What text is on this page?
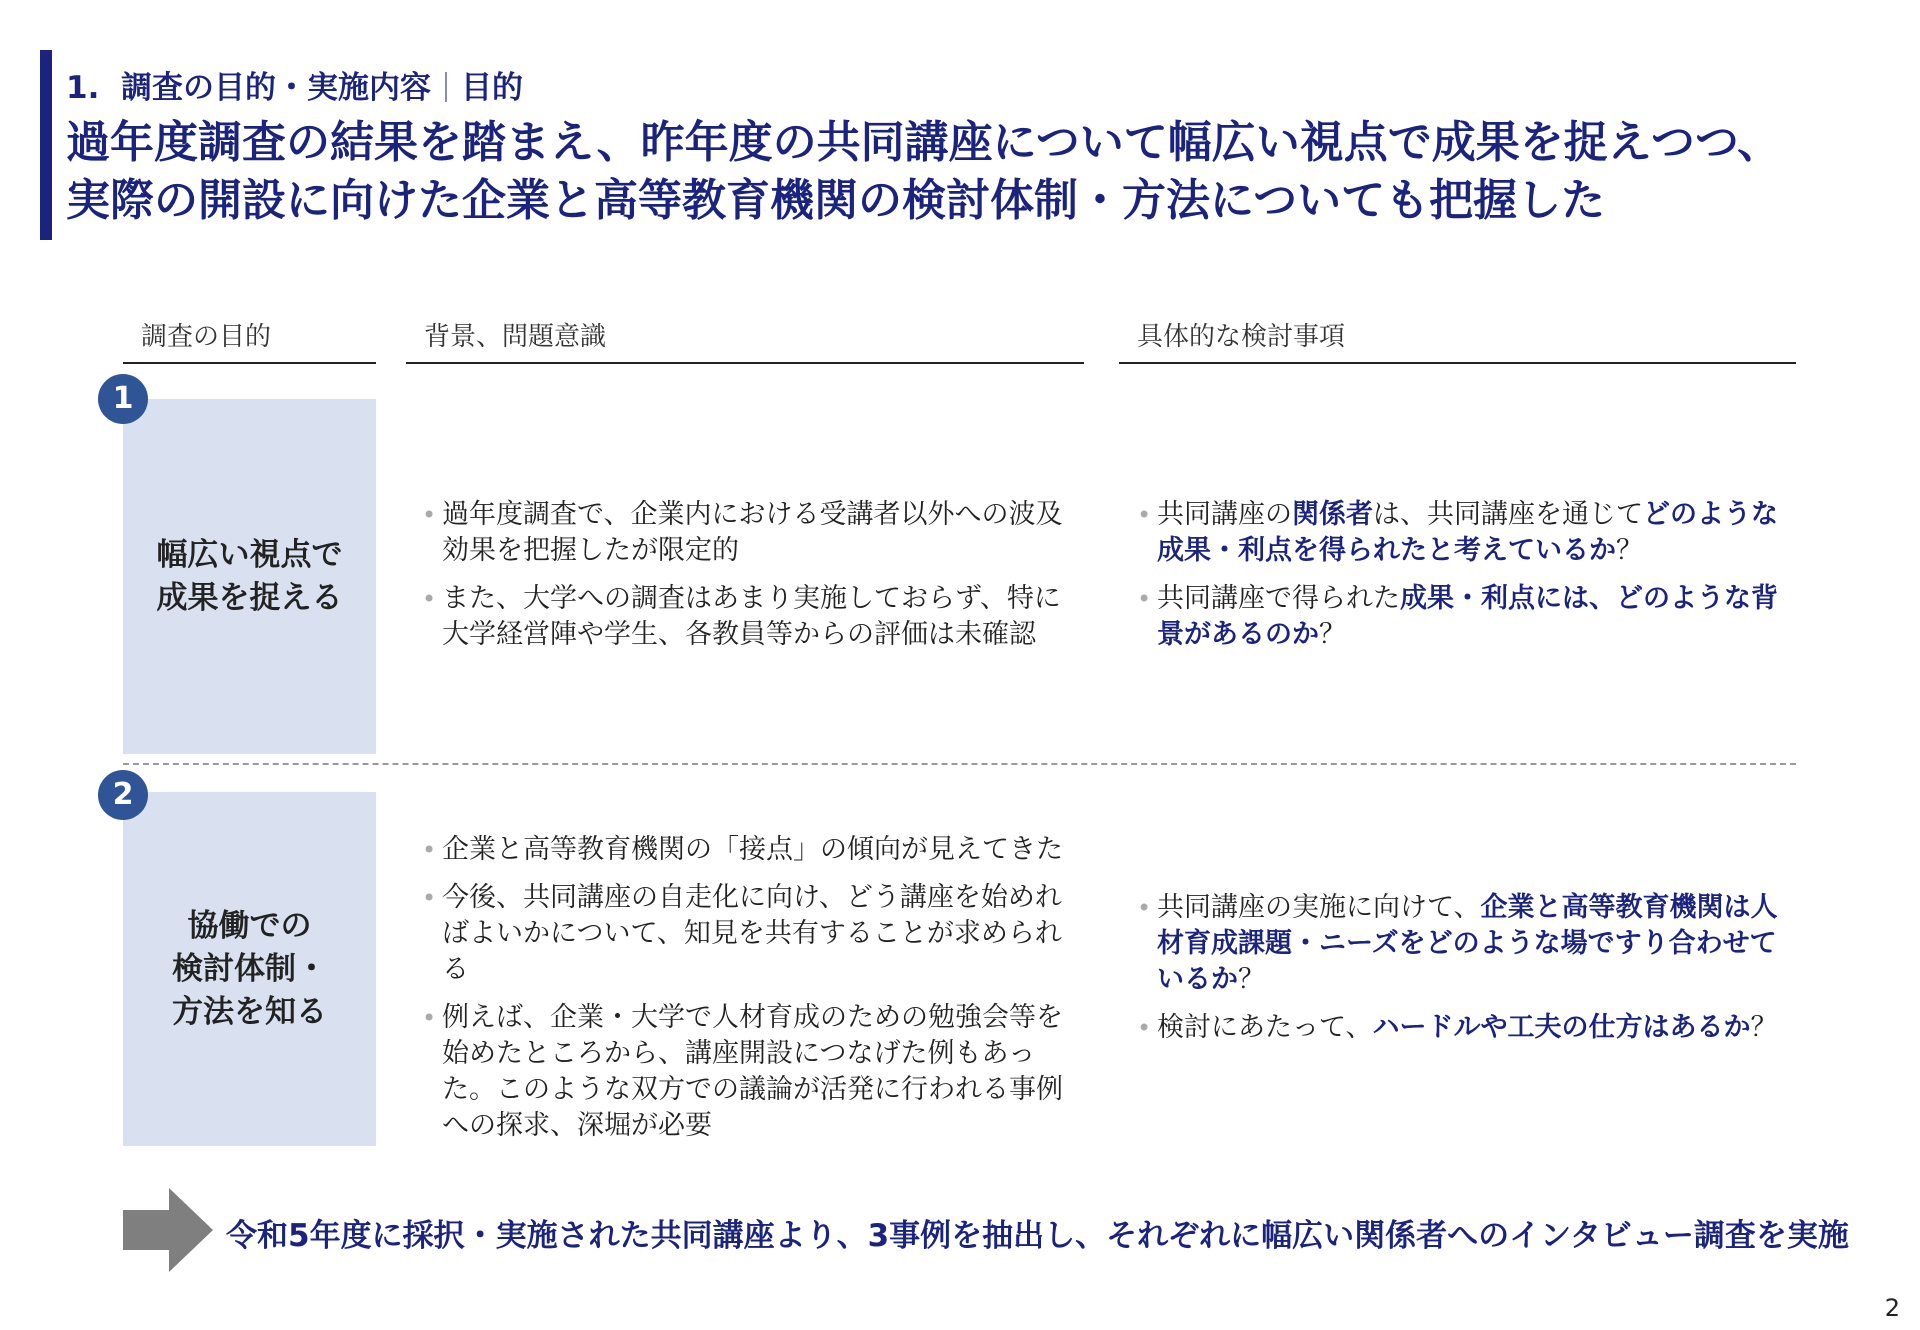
1. 調査の目的・実施内容 目的
過年度調査の結果を踏まえ、昨年度の共同講座について幅広い視点で成果を捉えつつ、
実際の開設に向けた企業と高等教育機関の検討体制・方法についても把握した
調査の目的	背景、問題意識	具体的な検討事項
幅広い視点で
成果を捉える
1
• 過年度調査で、企業内における受講者以外への波及効果を把握したが限定的
• また、大学への調査はあまり実施しておらず、特に大学経営陣や学生、各教員等からの評価は未確認
• 共同講座の関係者は、共同講座を通じてどのような成果・利点を得られたと考えているか？
• 共同講座で得られた成果・利点には、どのような背景があるのか？
協働での
検討体制・
方法を知る
2
• 企業と高等教育機関の「接点」の傾向が見えてきた
• 今後、共同講座の自走化に向け、どう講座を始めればよいかについて、知見を共有することが求められる
• 例えば、企業・大学で人材育成のための勉強会等を始めたところから、講座開設につなげた例もあった。このような双方での議論が活発に行われる事例への探求、深堀が必要
• 共同講座の実施に向けて、企業と高等教育機関は人材育成課題・ニーズをどのような場ですり合わせているか？
• 検討にあたって、ハードルや工夫の仕方はあるか？
令和5年度に採択・実施された共同講座より、3事例を抽出し、それぞれに幅広い関係者へのインタビュー調査を実施
2
